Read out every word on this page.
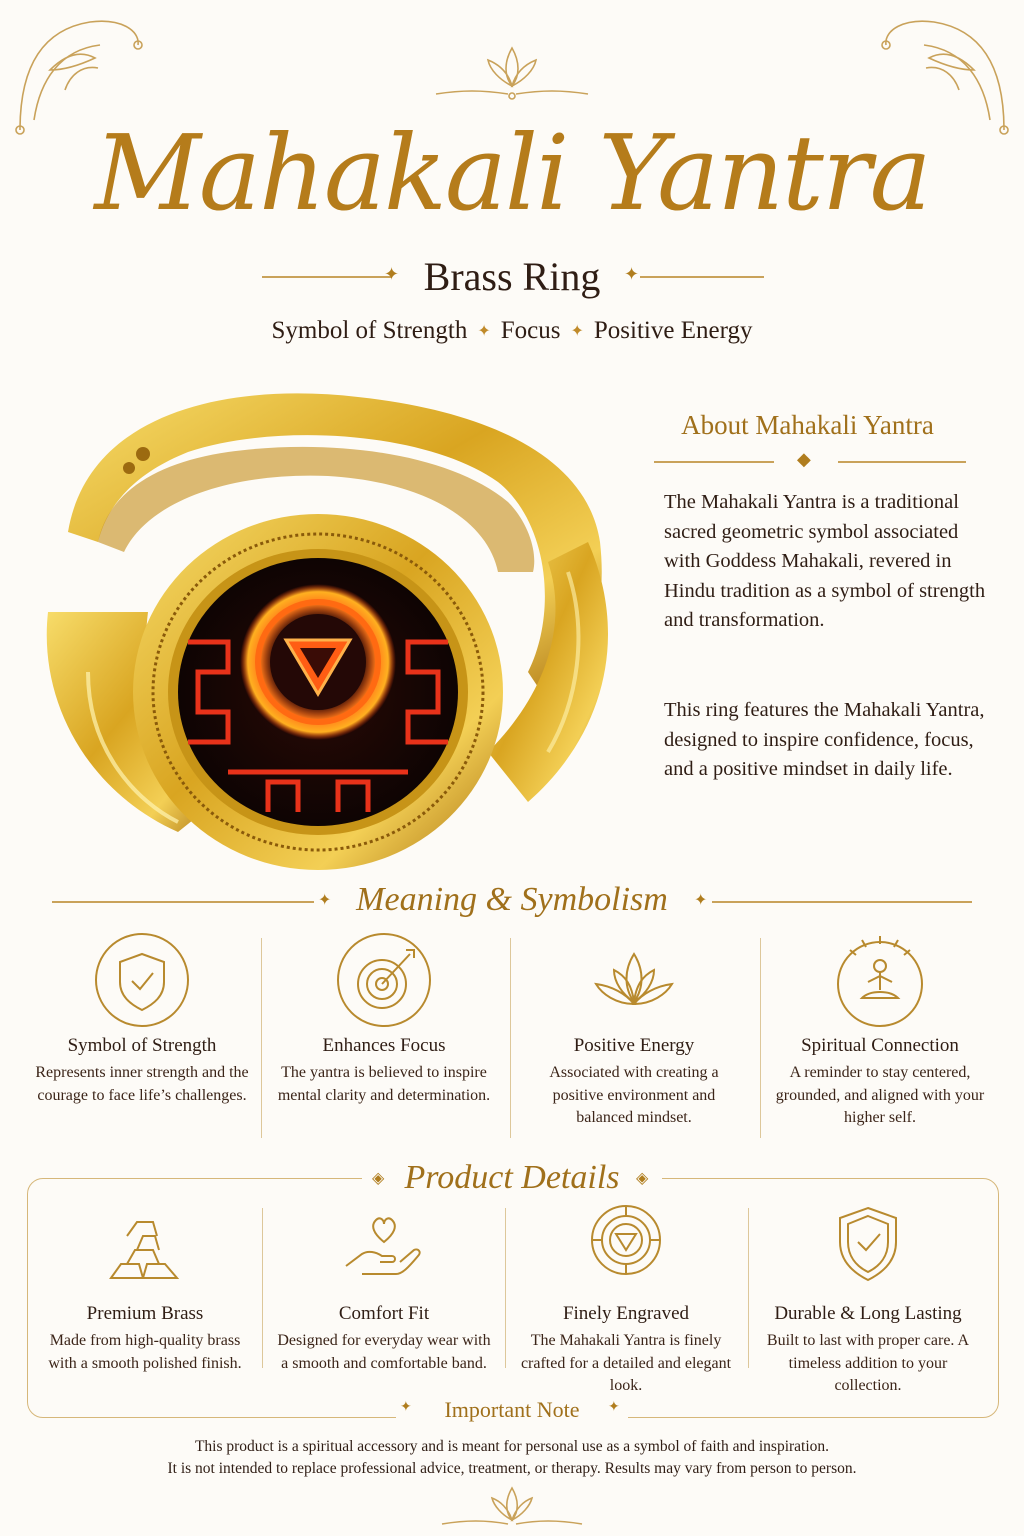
Mahakali Yantra
✦ Brass Ring	✦
Symbol of Strength ✦ Focus ✦ Positive Energy
About Mahakali Yantra
◆
The Mahakali Yantra is a traditional sacred geometric symbol associated with Goddess Mahakali, revered in Hindu tradition as a symbol of strength and transformation.
This ring features the Mahakali Yantra, designed to inspire confidence, focus, and a positive mindset in daily life.
✦ Meaning & Symbolism	✦
Symbol of Strength
Represents inner strength and the courage to face life’s challenges.
Enhances Focus
The yantra is believed to inspire mental clarity and determination.
Positive Energy
Associated with creating a positive environment and balanced mindset.
Spiritual Connection
A reminder to stay centered, grounded, and aligned with your higher self.
◈ Product Details	◈
Premium Brass
Made from high-quality brass with a smooth polished finish.
Comfort Fit
Designed for everyday wear with a smooth and comfortable band.
Finely Engraved
The Mahakali Yantra is finely crafted for a detailed and elegant look.
Durable & Long Lasting
Built to last with proper care. A timeless addition to your collection.
✦	Important Note	✦
This product is a spiritual accessory and is meant for personal use as a symbol of faith and inspiration.
It is not intended to replace professional advice, treatment, or therapy. Results may vary from person to person.
